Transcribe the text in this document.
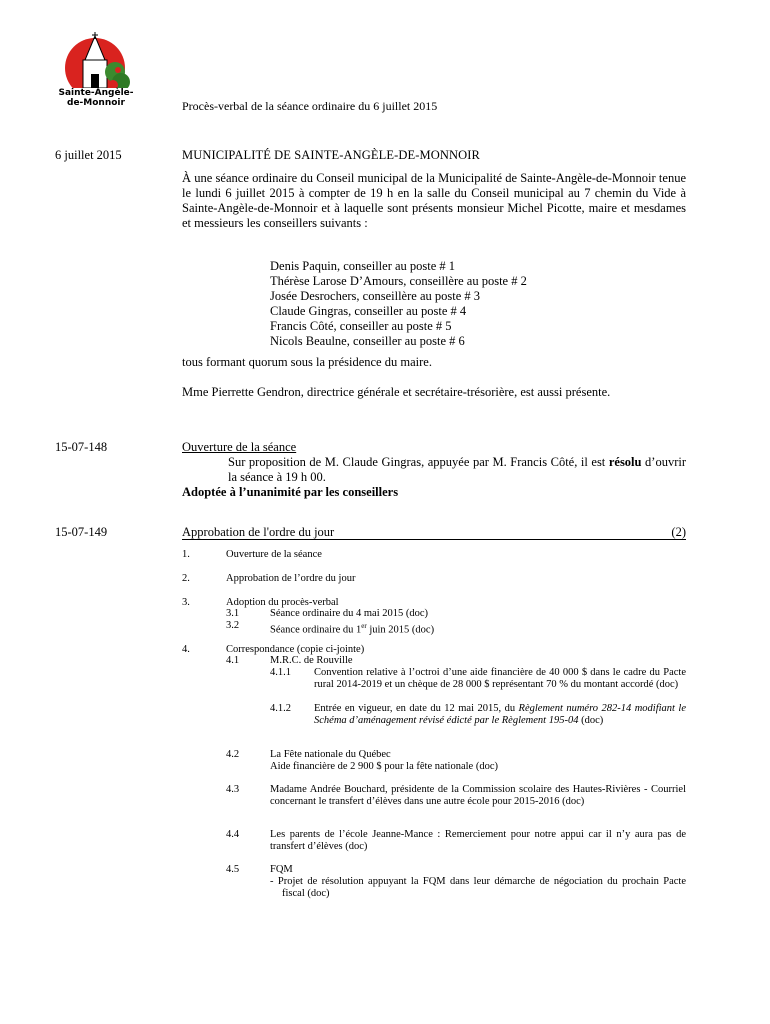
Sainte-Angèle-
de-Monnoir	Procès-verbal de la séance ordinaire du 6 juillet 2015
6 juillet 2015	MUNICIPALITÉ DE SAINTE-ANGÈLE-DE-MONNOIR
À une séance ordinaire du Conseil municipal de la Municipalité de Sainte-Angèle-de-Monnoir tenue le lundi 6 juillet 2015 à compter de 19 h en la salle du Conseil municipal au 7 chemin du Vide à Sainte-Angèle-de-Monnoir et à laquelle sont présents monsieur Michel Picotte, maire et mesdames et messieurs les conseillers suivants :
Denis Paquin, conseiller au poste # 1
Thérèse Larose D’Amours, conseillère au poste # 2
Josée Desrochers, conseillère au poste # 3
Claude Gingras, conseiller au poste # 4
Francis Côté, conseiller au poste # 5
Nicols Beaulne, conseiller au poste # 6
tous formant quorum sous la présidence du maire.
Mme Pierrette Gendron, directrice générale et secrétaire-trésorière, est aussi présente.
15-07-148	Ouverture de la séance
Sur proposition de M. Claude Gingras, appuyée par M. Francis Côté, il est résolu d’ouvrir la séance à 19 h 00.
Adoptée à l’unanimité par les conseillers
15-07-149	Approbation de l'ordre du jour	(2)
1.	Ouverture de la séance
2.	Approbation de l’ordre du jour
3.	Adoption du procès-verbal
3.1	Séance ordinaire du 4 mai 2015 (doc)
3.2	Séance ordinaire du 1er juin 2015 (doc)
4.	Correspondance (copie ci-jointe)
4.1	M.R.C. de Rouville
4.1.1 Convention relative à l’octroi d’une aide financière de 40 000 $ dans le cadre du Pacte rural 2014-2019 et un chèque de 28 000 $ représentant 70 % du montant accordé (doc)
4.1.2 Entrée en vigueur, en date du 12 mai 2015, du Règlement numéro 282-14 modifiant le Schéma d’aménagement révisé édicté par le Règlement 195-04 (doc)
4.2	La Fête nationale du Québec
Aide financière de 2 900 $ pour la fête nationale (doc)
4.3	Madame Andrée Bouchard, présidente de la Commission scolaire des Hautes-Rivières - Courriel concernant le transfert d’élèves dans une autre école pour 2015-2016 (doc)
4.4	Les parents de l’école Jeanne-Mance : Remerciement pour notre appui car il n’y aura pas de transfert d’élèves (doc)
4.5	FQM

- Projet de résolution appuyant la FQM dans leur démarche de négociation du prochain Pacte fiscal (doc)
